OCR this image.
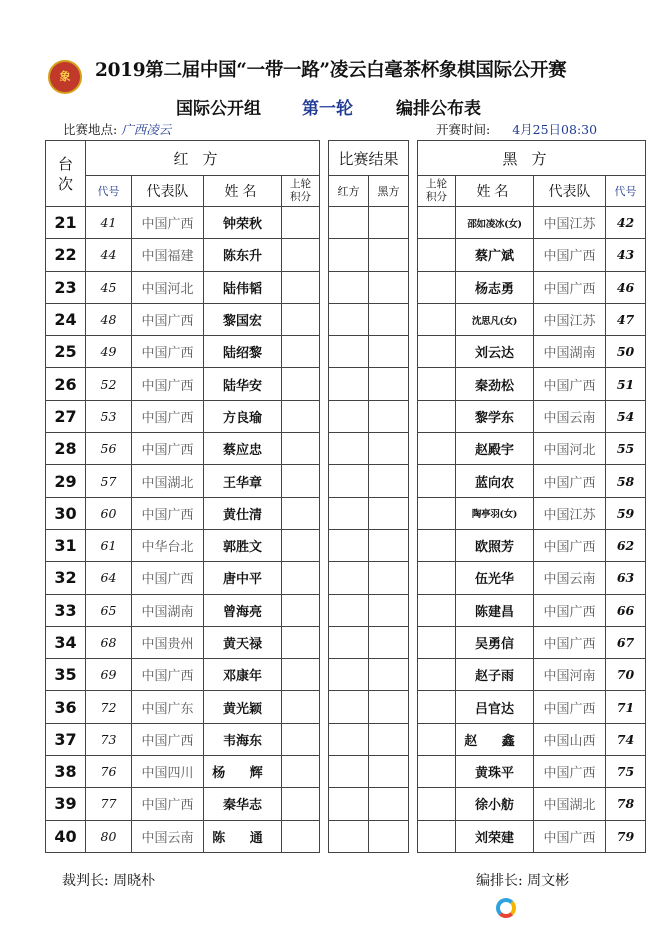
象	2019第二届中国“一带一路”凌云白毫茶杯象棋国际公开赛
国际公开组 第一轮	编排公布表
比赛地点: 广西凌云	开赛时间: 4月25日08:30
台次	红方					比赛结果			黑方			
	代号	代表队	姓名	上轮积分		红方	黑方		上轮积分	姓名	代表队	代号
21	41	中国广西	钟荣秋							邵如凌冰(女)	中国江苏	42
22	44	中国福建	陈东升							蔡广斌	中国广西	43
23	45	中国河北	陆伟韬							杨志勇	中国广西	46
24	48	中国广西	黎国宏							沈思凡(女)	中国江苏	47
25	49	中国广西	陆绍黎							刘云达	中国湖南	50
26	52	中国广西	陆华安							秦劲松	中国广西	51
27	53	中国广西	方良瑜							黎学东	中国云南	54
28	56	中国广西	蔡应忠							赵殿宇	中国河北	55
29	57	中国湖北	王华章							蓝向农	中国广西	58
30	60	中国广西	黄仕清							陶亭羽(女)	中国江苏	59
31	61	中华台北	郭胜文							欧照芳	中国广西	62
32	64	中国广西	唐中平							伍光华	中国云南	63
33	65	中国湖南	曾海亮							陈建昌	中国广西	66
34	68	中国贵州	黄天禄							吴勇信	中国广西	67
35	69	中国广西	邓康年							赵子雨	中国河南	70
36	72	中国广东	黄光颖							吕官达	中国广西	71
37	73	中国广西	韦海东							赵 鑫	中国山西	74
38	76	中国四川	杨 辉							黄珠平	中国广西	75
39	77	中国广西	秦华志							徐小舫	中国湖北	78
40	80	中国云南	陈 通							刘荣建	中国广西	79
裁判长: 周晓朴	编排长: 周文彬
